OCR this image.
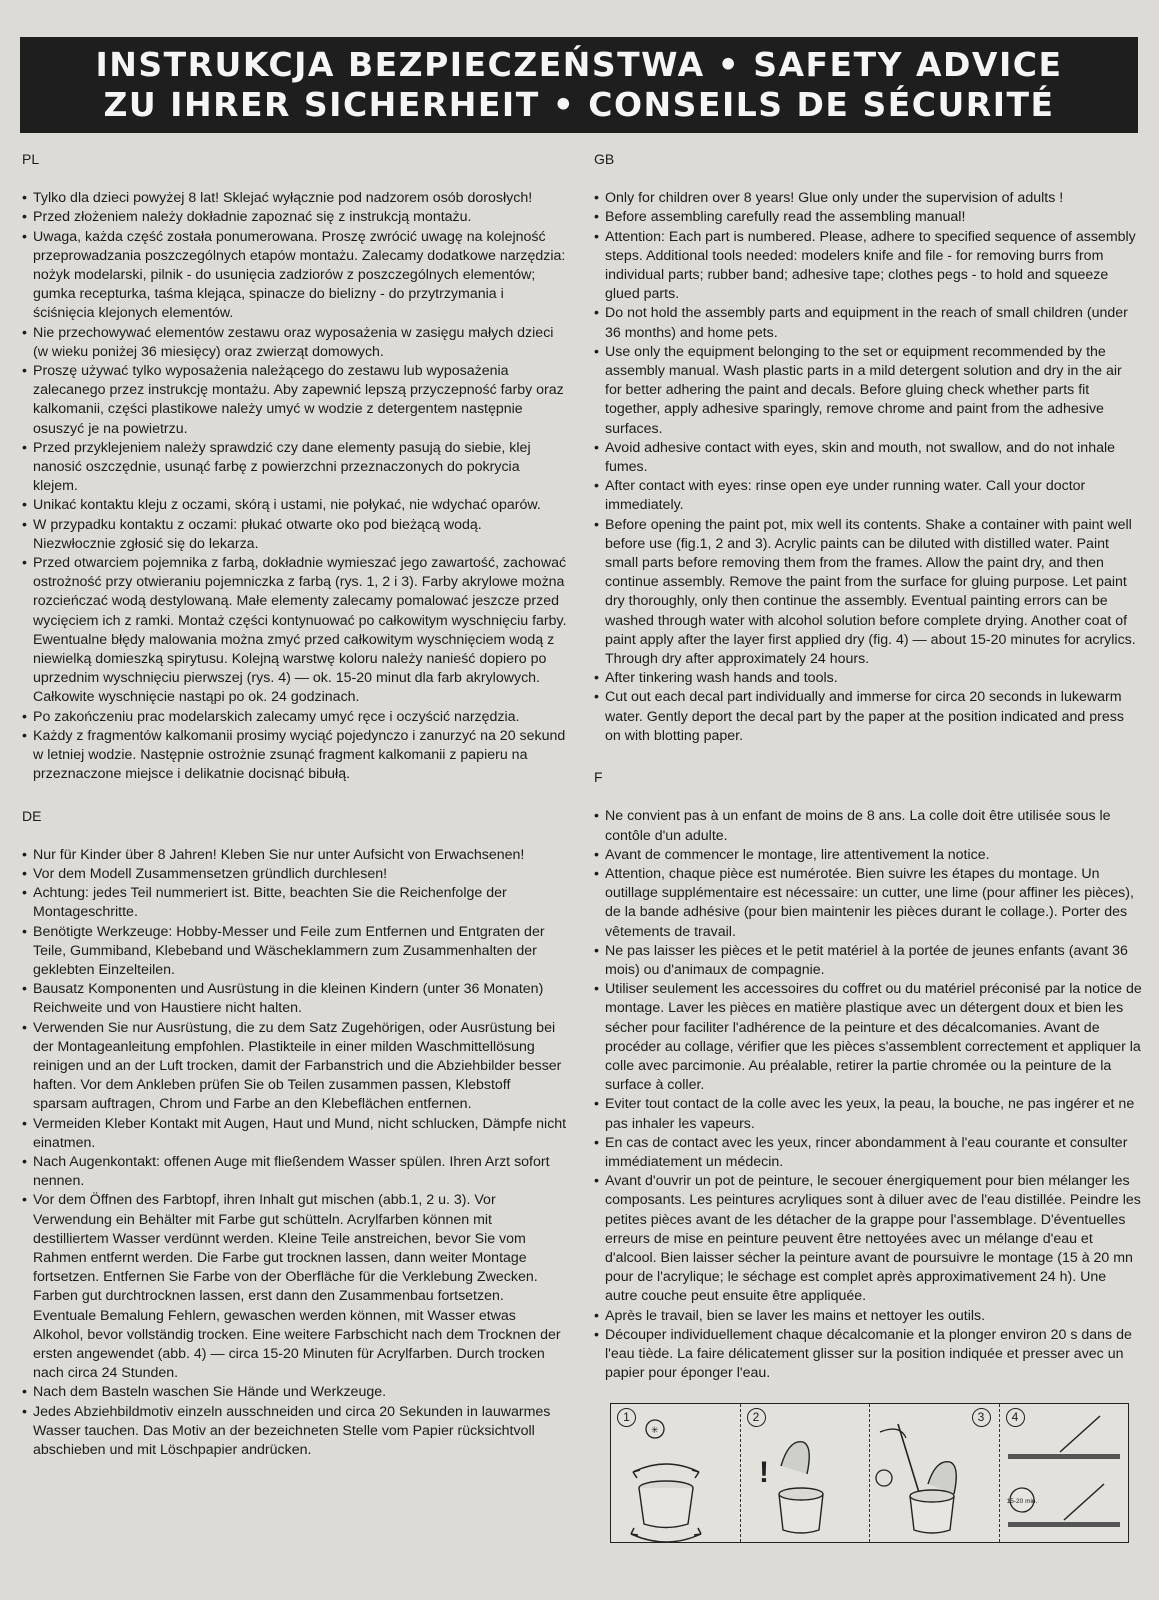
INSTRUKCJA BEZPIECZEŃSTWA • SAFETY ADVICE
ZU IHRER SICHERHEIT • CONSEILS DE SÉCURITÉ
PL
• Tylko dla dzieci powyżej 8 lat! Sklejać wyłącznie pod nadzorem osób dorosłych!
• Przed złożeniem należy dokładnie zapoznać się z instrukcją montażu.
• Uwaga, każda część została ponumerowana. Proszę zwrócić uwagę na kolejność przeprowadzania poszczególnych etapów montażu. Zalecamy dodatkowe narzędzia: nożyk modelarski, pilnik - do usunięcia zadziorów z poszczególnych elementów; gumka recepturka, taśma klejąca, spinacze do bielizny - do przytrzymania i ściśnięcia klejonych elementów.
• Nie przechowywać elementów zestawu oraz wyposażenia w zasięgu małych dzieci (w wieku poniżej 36 miesięcy) oraz zwierząt domowych.
• Proszę używać tylko wyposażenia należącego do zestawu lub wyposażenia zalecanego przez instrukcję montażu. Aby zapewnić lepszą przyczepność farby oraz kalkomanii, części plastikowe należy umyć w wodzie z detergentem następnie osuszyć je na powietrzu.
• Przed przyklejeniem należy sprawdzić czy dane elementy pasują do siebie, klej nanosić oszczędnie, usunąć farbę z powierzchni przeznaczonych do pokrycia klejem.
• Unikać kontaktu kleju z oczami, skórą i ustami, nie połykać, nie wdychać oparów.
• W przypadku kontaktu z oczami: płukać otwarte oko pod bieżącą wodą. Niezwłocznie zgłosić się do lekarza.
• Przed otwarciem pojemnika z farbą, dokładnie wymieszać jego zawartość, zachować ostrożność przy otwieraniu pojemniczka z farbą (rys. 1, 2 i 3). Farby akrylowe można rozcieńczać wodą destylowaną. Małe elementy zalecamy pomalować jeszcze przed wycięciem ich z ramki. Montaż części kontynuować po całkowitym wyschnięciu farby. Ewentualne błędy malowania można zmyć przed całkowitym wyschnięciem wodą z niewielką domieszką spirytusu. Kolejną warstwę koloru należy nanieść dopiero po uprzednim wyschnięciu pierwszej (rys. 4) — ok. 15-20 minut dla farb akrylowych. Całkowite wyschnięcie nastąpi po ok. 24 godzinach.
• Po zakończeniu prac modelarskich zalecamy umyć ręce i oczyścić narzędzia.
• Każdy z fragmentów kalkomanii prosimy wyciąć pojedynczo i zanurzyć na 20 sekund w letniej wodzie. Następnie ostrożnie zsunąć fragment kalkomanii z papieru na przeznaczone miejsce i delikatnie docisnąć bibułą.
DE
• Nur für Kinder über 8 Jahren! Kleben Sie nur unter Aufsicht von Erwachsenen!
• Vor dem Modell Zusammensetzen gründlich durchlesen!
• Achtung: jedes Teil nummeriert ist. Bitte, beachten Sie die Reichenfolge der Montageschritte.
• Benötigte Werkzeuge: Hobby-Messer und Feile zum Entfernen und Entgraten der Teile, Gummiband, Klebeband und Wäscheklammern zum Zusammenhalten der geklebten Einzelteilen.
• Bausatz Komponenten und Ausrüstung in die kleinen Kindern (unter 36 Monaten) Reichweite und von Haustiere nicht halten.
• Verwenden Sie nur Ausrüstung, die zu dem Satz Zugehörigen, oder Ausrüstung bei der Montageanleitung empfohlen. Plastikteile in einer milden Waschmittellösung reinigen und an der Luft trocken, damit der Farbanstrich und die Abziehbilder besser haften. Vor dem Ankleben prüfen Sie ob Teilen zusammen passen, Klebstoff sparsam auftragen, Chrom und Farbe an den Klebeflächen entfernen.
• Vermeiden Kleber Kontakt mit Augen, Haut und Mund, nicht schlucken, Dämpfe nicht einatmen.
• Nach Augenkontakt: offenen Auge mit fließendem Wasser spülen. Ihren Arzt sofort nennen.
• Vor dem Öffnen des Farbtopf, ihren Inhalt gut mischen (abb.1, 2 u. 3). Vor Verwendung ein Behälter mit Farbe gut schütteln. Acrylfarben können mit destilliertem Wasser verdünnt werden. Kleine Teile anstreichen, bevor Sie vom Rahmen entfernt werden. Die Farbe gut trocknen lassen, dann weiter Montage fortsetzen. Entfernen Sie Farbe von der Oberfläche für die Verklebung Zwecken. Farben gut durchtrocknen lassen, erst dann den Zusammenbau fortsetzen. Eventuale Bemalung Fehlern, gewaschen werden können, mit Wasser etwas Alkohol, bevor vollständig trocken. Eine weitere Farbschicht nach dem Trocknen der ersten angewendet (abb. 4) — circa 15-20 Minuten für Acrylfarben. Durch trocken nach circa 24 Stunden.
• Nach dem Basteln waschen Sie Hände und Werkzeuge.
• Jedes Abziehbildmotiv einzeln ausschneiden und circa 20 Sekunden in lauwarmes Wasser tauchen. Das Motiv an der bezeichneten Stelle vom Papier rücksichtvoll abschieben und mit Löschpapier andrücken.
GB
• Only for children over 8 years! Glue only under the supervision of adults !
• Before assembling carefully read the assembling manual!
• Attention: Each part is numbered. Please, adhere to specified sequence of assembly steps. Additional tools needed: modelers knife and file - for removing burrs from individual parts; rubber band; adhesive tape; clothes pegs - to hold and squeeze glued parts.
• Do not hold the assembly parts and equipment in the reach of small children (under 36 months) and home pets.
• Use only the equipment belonging to the set or equipment recommended by the assembly manual. Wash plastic parts in a mild detergent solution and dry in the air for better adhering the paint and decals. Before gluing check whether parts fit together, apply adhesive sparingly, remove chrome and paint from the adhesive surfaces.
• Avoid adhesive contact with eyes, skin and mouth, not swallow, and do not inhale fumes.
• After contact with eyes: rinse open eye under running water. Call your doctor immediately.
• Before opening the paint pot, mix well its contents. Shake a container with paint well before use (fig.1, 2 and 3). Acrylic paints can be diluted with distilled water. Paint small parts before removing them from the frames. Allow the paint dry, and then continue assembly. Remove the paint from the surface for gluing purpose. Let paint dry thoroughly, only then continue the assembly. Eventual painting errors can be washed through water with alcohol solution before complete drying. Another coat of paint apply after the layer first applied dry (fig. 4) — about 15-20 minutes for acrylics. Through dry after approximately 24 hours.
• After tinkering wash hands and tools.
• Cut out each decal part individually and immerse for circa 20 seconds in lukewarm water. Gently deport the decal part by the paper at the position indicated and press on with blotting paper.
F
• Ne convient pas à un enfant de moins de 8 ans. La colle doit être utilisée sous le contôle d'un adulte.
• Avant de commencer le montage, lire attentivement la notice.
• Attention, chaque pièce est numérotée. Bien suivre les étapes du montage. Un outillage supplémentaire est nécessaire: un cutter, une lime (pour affiner les pièces), de la bande adhésive (pour bien maintenir les pièces durant le collage.). Porter des vêtements de travail.
• Ne pas laisser les pièces et le petit matériel à la portée de jeunes enfants (avant 36 mois) ou d'animaux de compagnie.
• Utiliser seulement les accessoires du coffret ou du matériel préconisé par la notice de montage. Laver les pièces en matière plastique avec un détergent doux et bien les sécher pour faciliter l'adhérence de la peinture et des décalcomanies. Avant de procéder au collage, vérifier que les pièces s'assemblent correctement et appliquer la colle avec parcimonie. Au préalable, retirer la partie chromée ou la peinture de la surface à coller.
• Eviter tout contact de la colle avec les yeux, la peau, la bouche, ne pas ingérer et ne pas inhaler les vapeurs.
• En cas de contact avec les yeux, rincer abondamment à l'eau courante et consulter immédiatement un médecin.
• Avant d'ouvrir un pot de peinture, le secouer énergiquement pour bien mélanger les composants. Les peintures acryliques sont à diluer avec de l'eau distillée. Peindre les petites pièces avant de les détacher de la grappe pour l'assemblage. D'éventuelles erreurs de mise en peinture peuvent être nettoyées avec un mélange d'eau et d'alcool. Bien laisser sécher la peinture avant de poursuivre le montage (15 à 20 mn pour de l'acrylique; le séchage est complet après approximativement 24 h). Une autre couche peut ensuite être appliquée.
• Après le travail, bien se laver les mains et nettoyer les outils.
• Découper individuellement chaque décalcomanie et la plonger environ 20 s dans de l'eau tiède. La faire délicatement glisser sur la position indiquée et presser avec un papier pour éponger l'eau.
1
✳
2
!
3	4
15-20 min.
